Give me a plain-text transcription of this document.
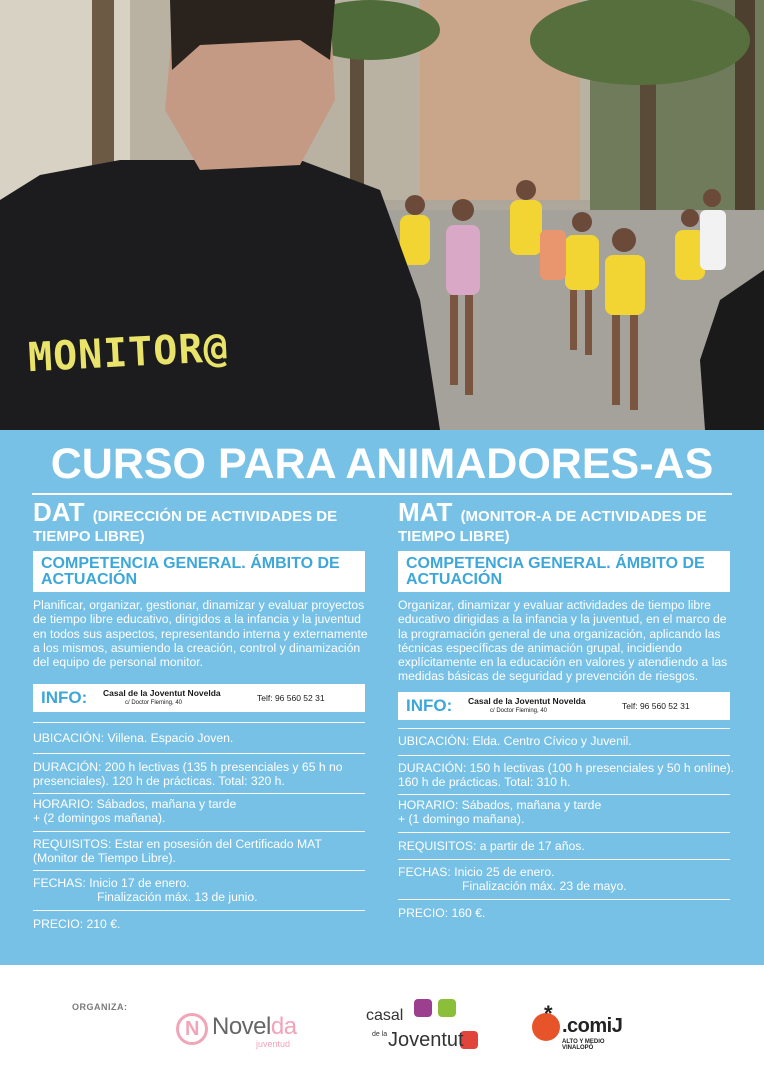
MONITOR@
CURSO PARA ANIMADORES-AS
DAT (DIRECCIÓN DE ACTIVIDADES DE TIEMPO LIBRE)
COMPETENCIA GENERAL. ÁMBITO DE ACTUACIÓN
Planificar, organizar, gestionar, dinamizar y evaluar proyectos de tiempo libre educativo, dirigidos a la infancia y la juventud en todos sus aspectos, representando interna y externamente a los mismos, asumiendo la creación, control y dinamización del equipo de personal monitor.
INFO: Casal de la Joventut Novelda
c/ Doctor Fleming, 40	Telf: 96 560 52 31
UBICACIÓN: Villena. Espacio Joven.
DURACIÓN: 200 h lectivas (135 h presenciales y 65 h no presenciales). 120 h de prácticas. Total: 320 h.
HORARIO: Sábados, mañana y tarde
+ (2 domingos mañana).
REQUISITOS: Estar en posesión del Certificado MAT (Monitor de Tiempo Libre).
FECHAS: Inicio 17 de enero.
Finalización máx. 13 de junio.
PRECIO: 210 €.
MAT (MONITOR-A DE ACTIVIDADES DE TIEMPO LIBRE)
COMPETENCIA GENERAL. ÁMBITO DE ACTUACIÓN
Organizar, dinamizar y evaluar actividades de tiempo libre educativo dirigidas a la infancia y la juventud, en el marco de la programación general de una organización, aplicando las técnicas específicas de animación grupal, incidiendo explícitamente en la educación en valores y atendiendo a las medidas básicas de seguridad y prevención de riesgos.
INFO: Casal de la Joventut Novelda
c/ Doctor Fleming, 40	Telf: 96 560 52 31
UBICACIÓN: Elda. Centro Cívico y Juvenil.
DURACIÓN: 150 h lectivas (100 h presenciales y 50 h online). 160 h de prácticas. Total: 310 h.
HORARIO: Sábados, mañana y tarde
+ (1 domingo mañana).
REQUISITOS: a partir de 17 años.
FECHAS: Inicio 25 de enero.
Finalización máx. 23 de mayo.
PRECIO: 160 €.
ORGANIZA:
N Novelda
juventud
casal
de la Joventut
* .comiJ
ALTO Y MEDIO VINALOPÓ
